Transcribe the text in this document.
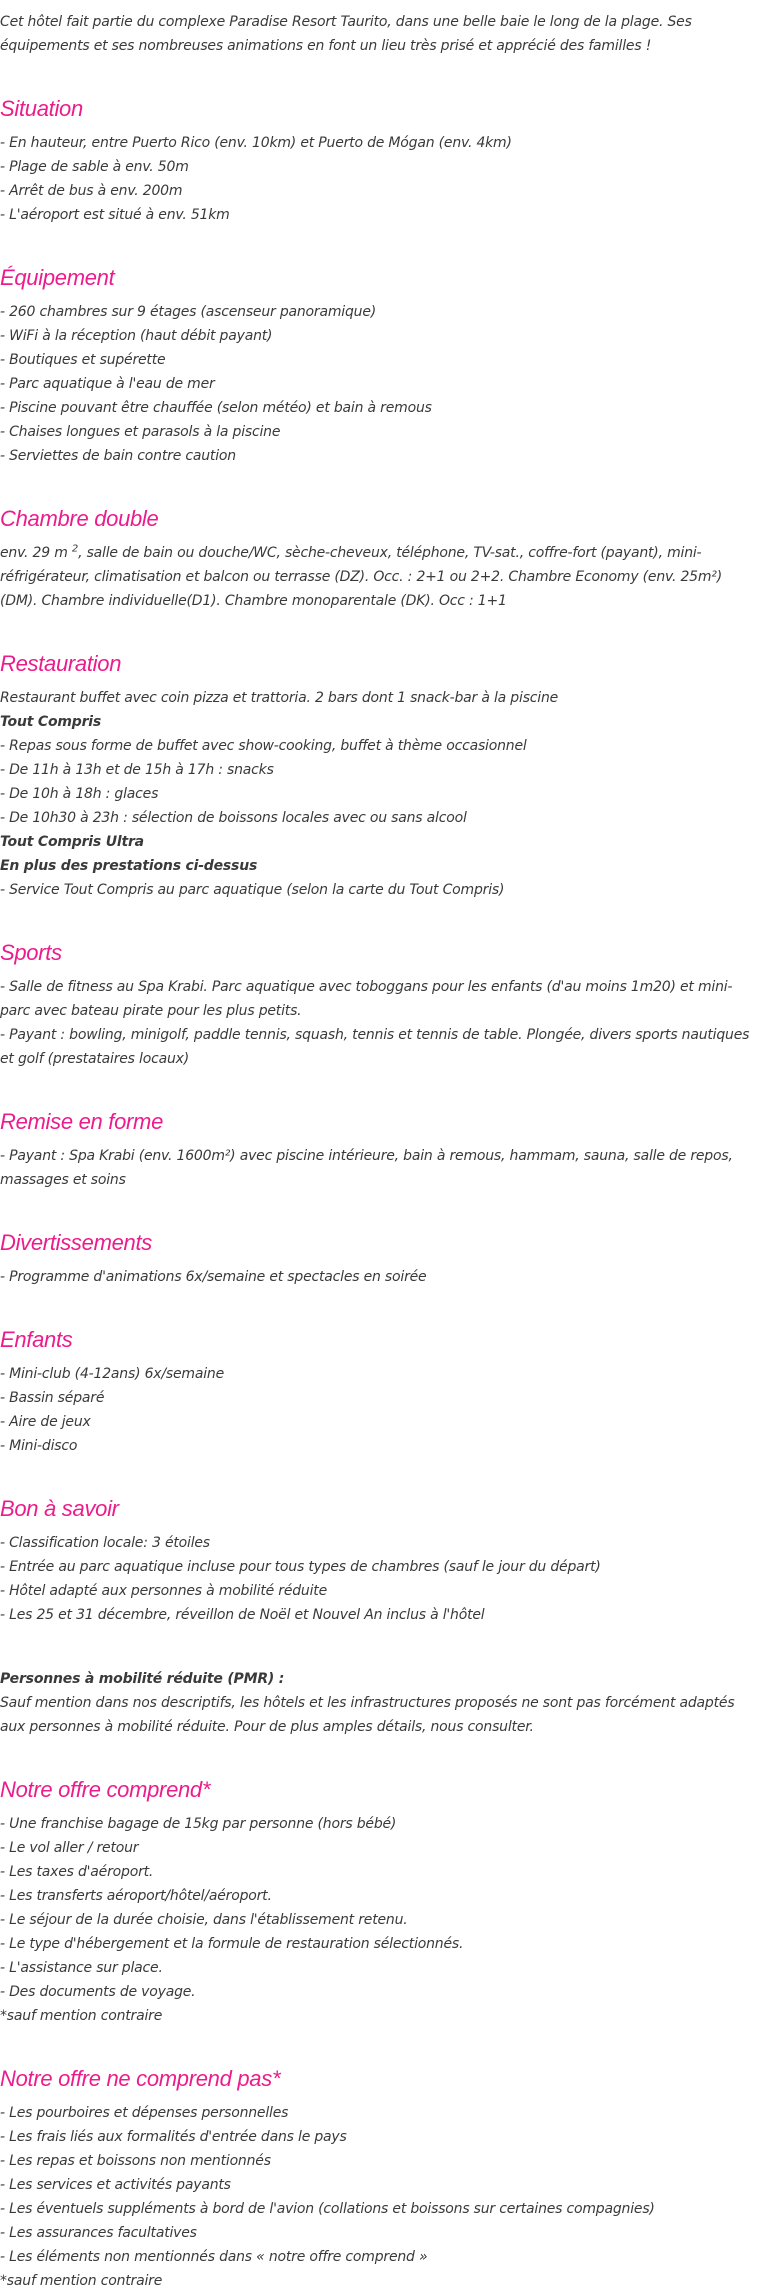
Cet hôtel fait partie du complexe Paradise Resort Taurito, dans une belle baie le long de la plage. Ses équipements et ses nombreuses animations en font un lieu très prisé et apprécié des familles !

Situation
- En hauteur, entre Puerto Rico (env. 10km) et Puerto de Mógan (env. 4km)
- Plage de sable à env. 50m
- Arrêt de bus à env. 200m
- L'aéroport est situé à env. 51km
Équipement
- 260 chambres sur 9 étages (ascenseur panoramique)
- WiFi à la réception (haut débit payant)
- Boutiques et supérette
- Parc aquatique à l'eau de mer
- Piscine pouvant être chauffée (selon météo) et bain à remous
- Chaises longues et parasols à la piscine
- Serviettes de bain contre caution
Chambre double
env. 29 m $^2$, salle de bain ou douche/WC, sèche-cheveux, téléphone, TV-sat., coffre-fort (payant), mini-réfrigérateur, climatisation et balcon ou terrasse (DZ). Occ. : 2+1 ou 2+2. Chambre Economy (env. 25m²) (DM). Chambre individuelle(D1). Chambre monoparentale (DK). Occ : 1+1
Restauration
Restaurant buffet avec coin pizza et trattoria. 2 bars dont 1 snack-bar à la piscine
Tout Compris
- Repas sous forme de buffet avec show-cooking, buffet à thème occasionnel
- De 11h à 13h et de 15h à 17h : snacks
- De 10h à 18h : glaces
- De 10h30 à 23h : sélection de boissons locales avec ou sans alcool
Tout Compris Ultra
En plus des prestations ci-dessus
- Service Tout Compris au parc aquatique (selon la carte du Tout Compris)
Sports
- Salle de fitness au Spa Krabi. Parc aquatique avec toboggans pour les enfants (d'au moins 1m20) et mini-parc avec bateau pirate pour les plus petits.
- Payant : bowling, minigolf, paddle tennis, squash, tennis et tennis de table. Plongée, divers sports nautiques et golf (prestataires locaux)
Remise en forme
- Payant : Spa Krabi (env. 1600m²) avec piscine intérieure, bain à remous, hammam, sauna, salle de repos, massages et soins
Divertissements
- Programme d'animations 6x/semaine et spectacles en soirée
Enfants
- Mini-club (4-12ans) 6x/semaine
- Bassin séparé
- Aire de jeux
- Mini-disco
Bon à savoir
- Classification locale: 3 étoiles
- Entrée au parc aquatique incluse pour tous types de chambres (sauf le jour du départ)
- Hôtel adapté aux personnes à mobilité réduite
- Les 25 et 31 décembre, réveillon de Noël et Nouvel An inclus à l'hôtel
Personnes à mobilité réduite (PMR) :
Sauf mention dans nos descriptifs, les hôtels et les infrastructures proposés ne sont pas forcément adaptés aux personnes à mobilité réduite. Pour de plus amples détails, nous consulter.
Notre offre comprend*
- Une franchise bagage de 15kg par personne (hors bébé)
- Le vol aller / retour
- Les taxes d'aéroport.
- Les transferts aéroport/hôtel/aéroport.
- Le séjour de la durée choisie, dans l'établissement retenu.
- Le type d'hébergement et la formule de restauration sélectionnés.
- L'assistance sur place.
- Des documents de voyage.
*sauf mention contraire
Notre offre ne comprend pas*
- Les pourboires et dépenses personnelles
- Les frais liés aux formalités d'entrée dans le pays
- Les repas et boissons non mentionnés
- Les services et activités payants
- Les éventuels suppléments à bord de l'avion (collations et boissons sur certaines compagnies)
- Les assurances facultatives
- Les éléments non mentionnés dans « notre offre comprend »
*sauf mention contraire
